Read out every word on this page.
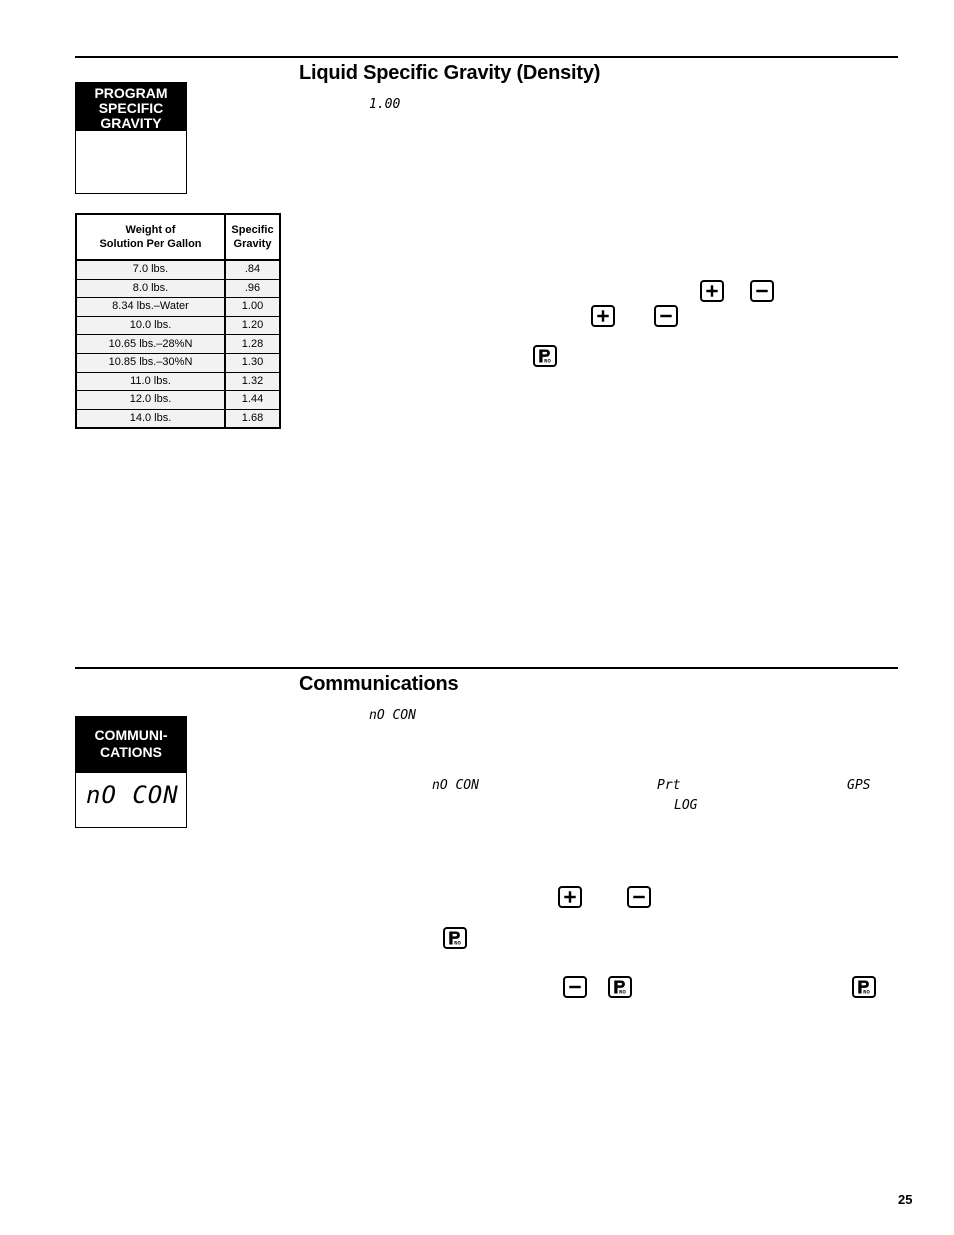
Liquid Specific Gravity (Density)
PROGRAM
SPECIFIC
GRAVITY
1.00
Weight of
Solution Per Gallon	Specific
Gravity
7.0 lbs.	.84
8.0 lbs.	.96
8.34 lbs.–Water	1.00
10.0 lbs.	1.20
10.65 lbs.–28%N	1.28
10.85 lbs.–30%N	1.30
11.0 lbs.	1.32
12.0 lbs.	1.44
14.0 lbs.	1.68
RO
Communications
COMMUNI-
CATIONS
nO CON
nO CON
nO CON	Prt	GPS
LOG
RO
RO	RO
25
